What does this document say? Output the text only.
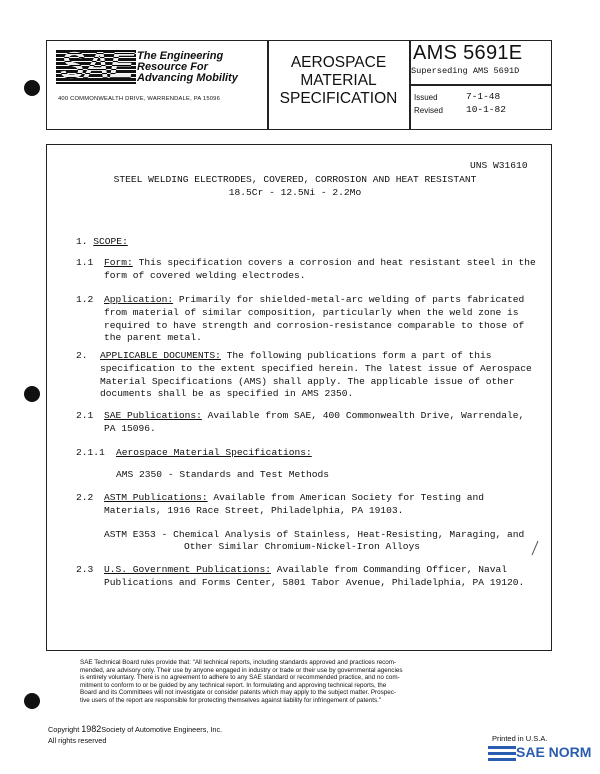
SAE The Engineering
Resource For
Advancing Mobility
400 COMMONWEALTH DRIVE, WARRENDALE, PA 15096
AEROSPACE
MATERIAL
SPECIFICATION
AMS 5691E
Superseding AMS 5691D
Issued	7-1-48
Revised 10-1-82
UNS W31610
STEEL WELDING ELECTRODES, COVERED, CORROSION AND HEAT RESISTANT
18.5Cr - 12.5Ni - 2.2Mo
1. SCOPE:
1.1 Form: This specification covers a corrosion and heat resistant steel in the
form of covered welding electrodes.
1.2 Application: Primarily for shielded-metal-arc welding of parts fabricated
from material of similar composition, particularly when the weld zone is
required to have strength and corrosion-resistance comparable to those of
the parent metal.
2. APPLICABLE DOCUMENTS: The following publications form a part of this
specification to the extent specified herein. The latest issue of Aerospace
Material Specifications (AMS) shall apply. The applicable issue of other
documents shall be as specified in AMS 2350.
2.1 SAE Publications: Available from SAE, 400 Commonwealth Drive, Warrendale,
PA 15096.
2.1.1 Aerospace Material Specifications:
AMS 2350 - Standards and Test Methods
2.2 ASTM Publications: Available from American Society for Testing and
Materials, 1916 Race Street, Philadelphia, PA 19103.
ASTM E353 - Chemical Analysis of Stainless, Heat-Resisting, Maraging, and
Other Similar Chromium-Nickel-Iron Alloys
2.3 U.S. Government Publications: Available from Commanding Officer, Naval
Publications and Forms Center, 5801 Tabor Avenue, Philadelphia, PA 19120.
SAE Technical Board rules provide that: "All technical reports, including standards approved and practices recom-
mended, are advisory only. Their use by anyone engaged in industry or trade or their use by governmental agencies
is entirely voluntary. There is no agreement to adhere to any SAE standard or recommended practice, and no com-
mitment to conform to or be guided by any technical report. In formulating and approving technical reports, the
Board and its Committees will not investigate or consider patents which may apply to the subject matter. Prospec-
tive users of the report are responsible for protecting themselves against liability for infringement of patents."
Copyright 1982Society of Automotive Engineers, Inc.
All rights reserved	Printed in U.S.A.
SAE NORM
